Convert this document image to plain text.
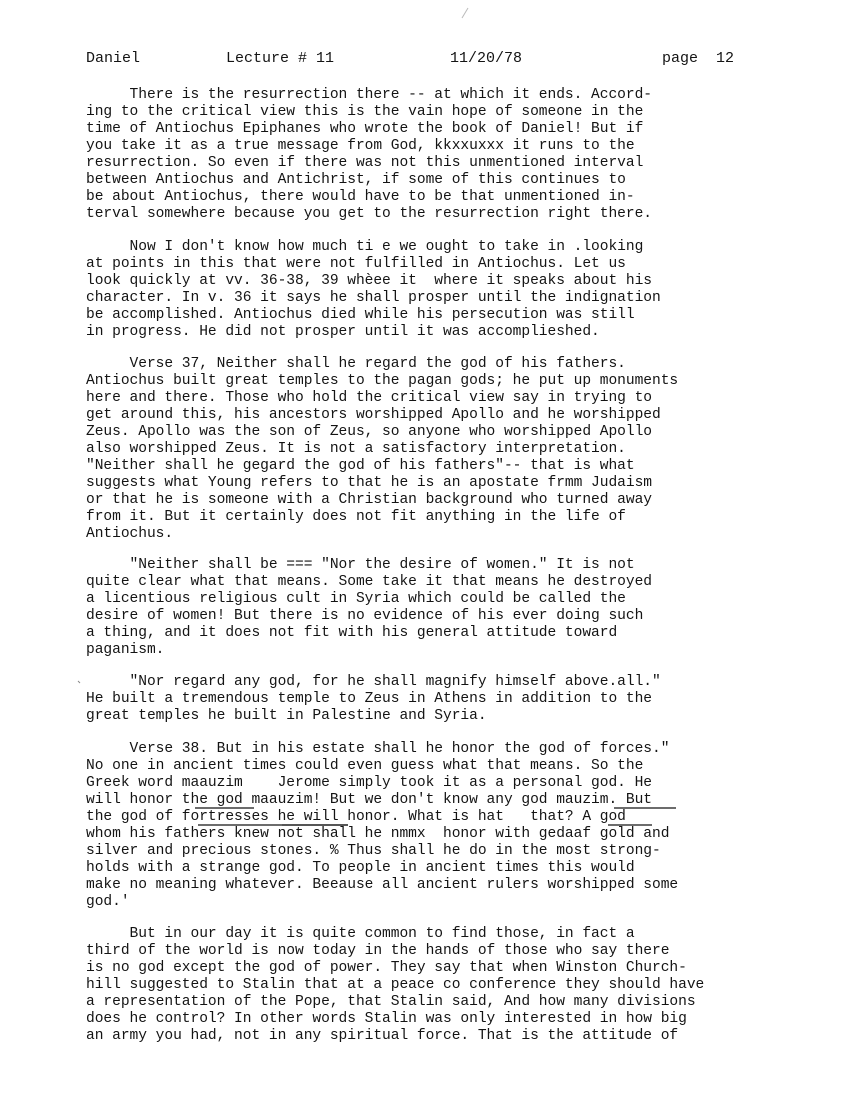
Daniel

	Lecture # 11

	11/20/78

	page  12

There is the resurrection there -- at which it ends. Accord-
ing to the critical view this is the vain hope of someone in the
time of Antiochus Epiphanes who wrote the book of Daniel! But if
you take it as a true message from God, kkxxuxxx it runs to the
resurrection. So even if there was not this unmentioned interval
between Antiochus and Antichrist, if some of this continues to
be about Antiochus, there would have to be that unmentioned in-
terval somewhere because you get to the resurrection right there.
Now I don't know how much ti e we ought to take in .looking
at points in this that were not fulfilled in Antiochus. Let us
look quickly at vv. 36-38, 39 whèee it  where it speaks about his
character. In v. 36 it says he shall prosper until the indignation
be accomplished. Antiochus died while his persecution was still
in progress. He did not prosper until it was accomplieshed.
Verse 37, Neither shall he regard the god of his fathers.
Antiochus built great temples to the pagan gods; he put up monuments
here and there. Those who hold the critical view say in trying to
get around this, his ancestors worshipped Apollo and he worshipped
Zeus. Apollo was the son of Zeus, so anyone who worshipped Apollo
also worshipped Zeus. It is not a satisfactory interpretation.
"Neither shall he gegard the god of his fathers"-- that is what
suggests what Young refers to that he is an apostate frmm Judaism
or that he is someone with a Christian background who turned away
from it. But it certainly does not fit anything in the life of
Antiochus.
"Neither shall be === "Nor the desire of women." It is not
quite clear what that means. Some take it that means he destroyed
a licentious religious cult in Syria which could be called the
desire of women! But there is no evidence of his ever doing such
a thing, and it does not fit with his general attitude toward
paganism.
"Nor regard any god, for he shall magnify himself above.all."
He built a tremendous temple to Zeus in Athens in addition to the
great temples he built in Palestine and Syria.
Verse 38. But in his estate shall he honor the god of forces."
No one in ancient times could even guess what that means. So the
Greek word maauzim    Jerome simply took it as a personal god. He
will honor the god maauzim! But we don't know any god mauzim. But
the god of fortresses he will honor. What is hat   that? A god
whom his fathers knew not shall he nmmx  honor with gedaaf gold and
silver and precious stones. % Thus shall he do in the most strong-
holds with a strange god. To people in ancient times this would
make no meaning whatever. Beeause all ancient rulers worshipped some
god.'
But in our day it is quite common to find those, in fact a
third of the world is now today in the hands of those who say there
is no god except the god of power. They say that when Winston Church-
hill suggested to Stalin that at a peace co conference they should have
a representation of the Pope, that Stalin said, And how many divisions
does he control? In other words Stalin was only interested in how big
an army you had, not in any spiritual force. That is the attitude of
